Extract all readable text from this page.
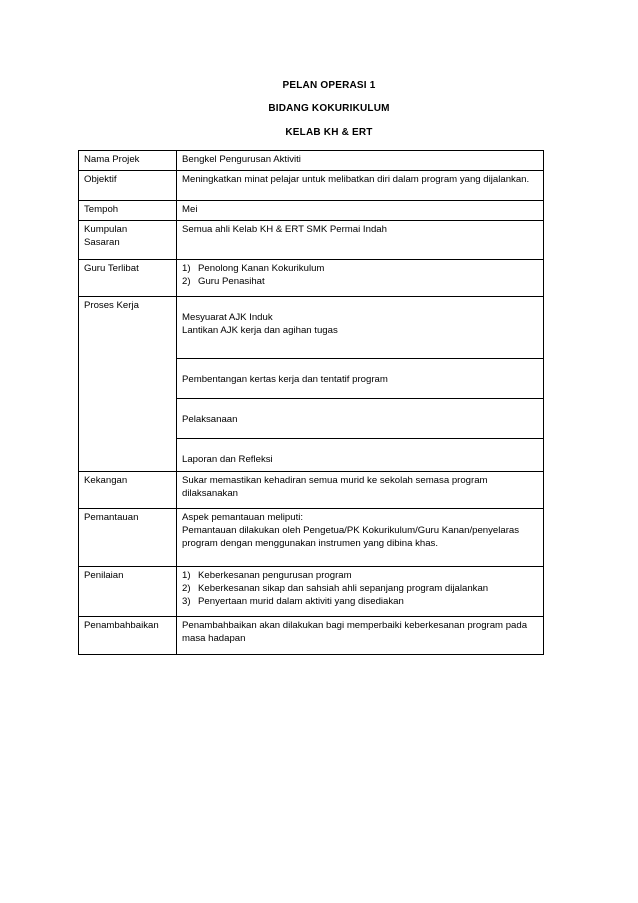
PELAN OPERASI 1
BIDANG KOKURIKULUM
KELAB KH & ERT
Nama Projek	Bengkel Pengurusan Aktiviti
Objektif	Meningkatkan minat pelajar untuk melibatkan diri dalam program yang dijalankan.
Tempoh	Mei

Kumpulan
Sasaran	Semua ahli Kelab KH & ERT SMK Permai Indah
Guru Terlibat	1) Penolong Kanan Kokurikulum
2) Guru Penasihat

Proses Kerja	Mesyuarat AJK Induk
Lantikan AJK kerja dan agihan tugas

	Pembentangan kertas kerja dan tentatif program
	Pelaksanaan
	Laporan dan Refleksi
Kekangan	Sukar memastikan kehadiran semua murid ke sekolah semasa program dilaksanakan
Pemantauan	Aspek pemantauan meliputi:
Pemantauan dilakukan oleh Pengetua/PK Kokurikulum/Guru Kanan/penyelaras program dengan menggunakan instrumen yang dibina khas.

Penilaian	1) Keberkesanan pengurusan program
2) Keberkesanan sikap dan sahsiah ahli sepanjang program dijalankan
3) Penyertaan murid dalam aktiviti yang disediakan

Penambahbaikan	Penambahbaikan akan dilakukan bagi memperbaiki keberkesanan program pada masa hadapan
